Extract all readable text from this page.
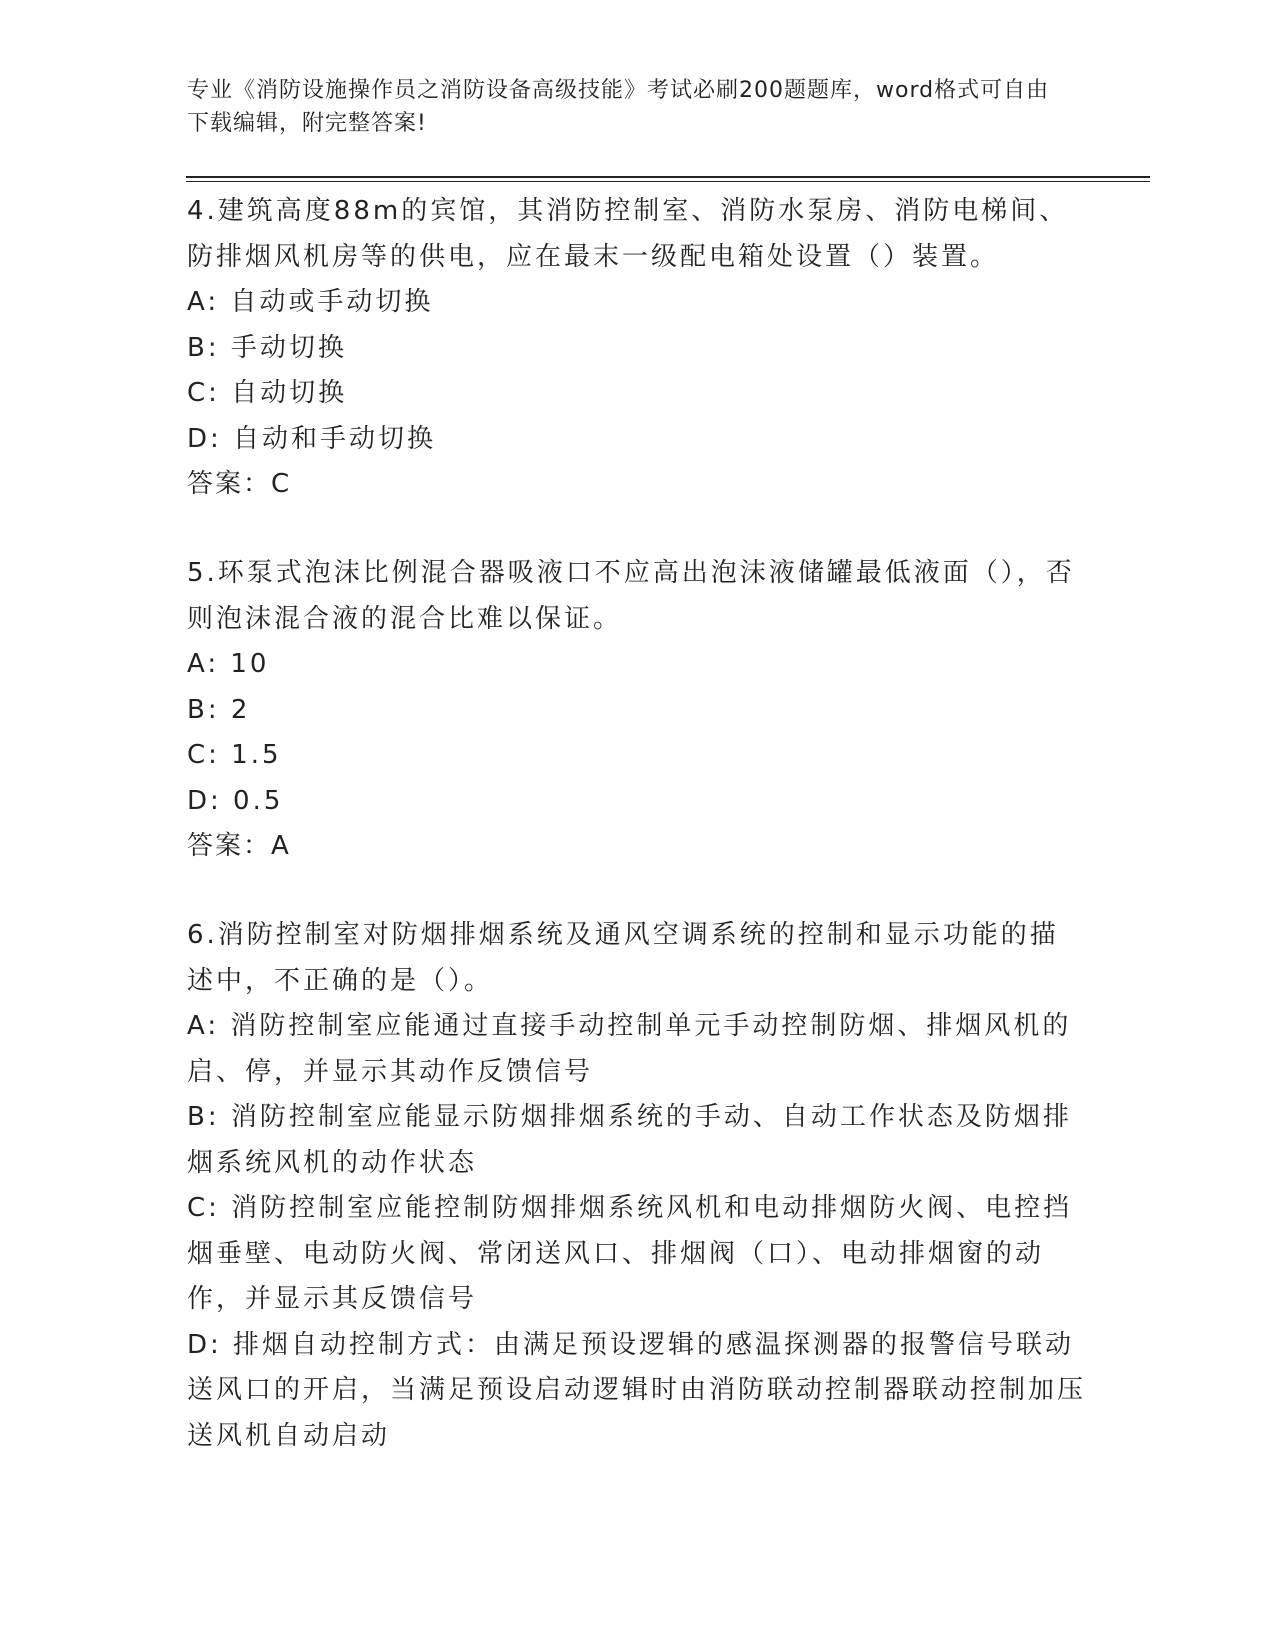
专业《消防设施操作员之消防设备高级技能》考试必刷200题题库，word格式可自由下载编辑，附完整答案!
4.建筑高度88m的宾馆，其消防控制室、消防水泵房、消防电梯间、防排烟风机房等的供电，应在最末一级配电箱处设置（）装置。
A: 自动或手动切换
B: 手动切换
C: 自动切换
D: 自动和手动切换
答案：C
5.环泵式泡沫比例混合器吸液口不应高出泡沫液储罐最低液面（），否则泡沫混合液的混合比难以保证。
A: 10
B: 2
C: 1.5
D: 0.5
答案：A
6.消防控制室对防烟排烟系统及通风空调系统的控制和显示功能的描述中，不正确的是（）。
A: 消防控制室应能通过直接手动控制单元手动控制防烟、排烟风机的启、停，并显示其动作反馈信号
B: 消防控制室应能显示防烟排烟系统的手动、自动工作状态及防烟排烟系统风机的动作状态
C: 消防控制室应能控制防烟排烟系统风机和电动排烟防火阀、电控挡烟垂壁、电动防火阀、常闭送风口、排烟阀（口）、电动排烟窗的动作，并显示其反馈信号
D: 排烟自动控制方式：由满足预设逻辑的感温探测器的报警信号联动送风口的开启，当满足预设启动逻辑时由消防联动控制器联动控制加压送风机自动启动
